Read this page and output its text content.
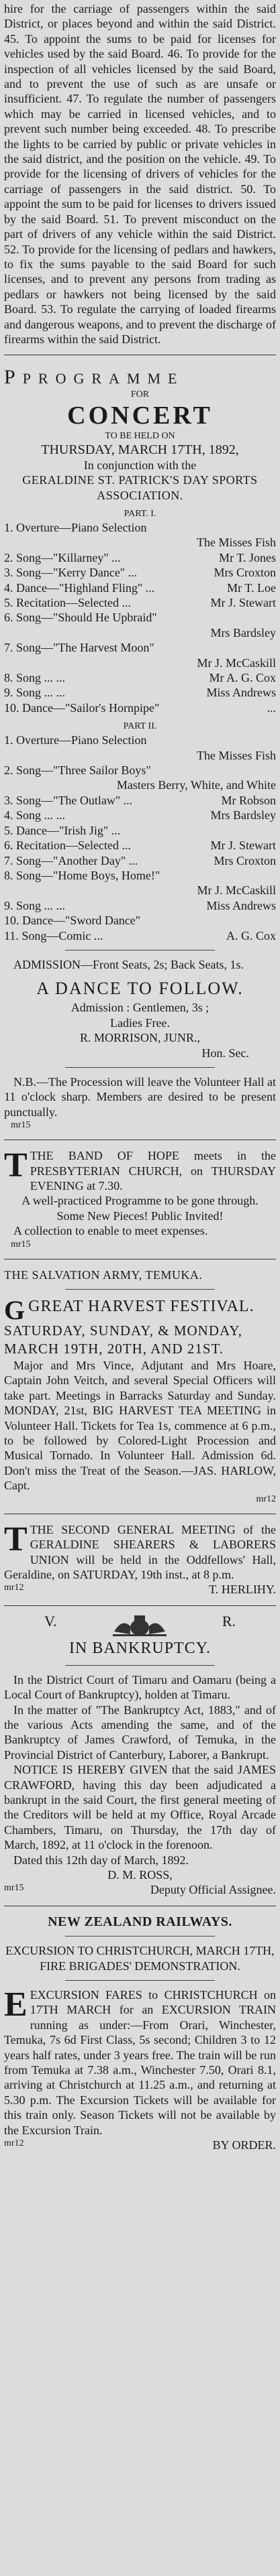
hire for the carriage of passengers within the said District, or places beyond and within the said District. 45. To appoint the sums to be paid for licenses for vehicles used by the said Board. 46. To provide for the inspection of all vehicles licensed by the said Board, and to prevent the use of such as are unsafe or insufficient. 47. To regulate the number of passengers which may be carried in licensed vehicles, and to prevent such number being exceeded. 48. To prescribe the lights to be carried by public or private vehicles in the said district, and the position on the vehicle. 49. To provide for the licensing of drivers of vehicles for the carriage of passengers in the said district. 50. To appoint the sum to be paid for licenses to drivers issued by the said Board. 51. To prevent misconduct on the part of drivers of any vehicle within the said District. 52. To provide for the licensing of pedlars and hawkers, to fix the sums payable to the said Board for such licenses, and to prevent any persons from trading as pedlars or hawkers not being licensed by the said Board. 53. To regulate the carrying of loaded firearms and dangerous weapons, and to prevent the discharge of firearms within the said District.

PPROGRAMME

FOR

CONCERT

TO BE HELD ON

THURSDAY, MARCH 17TH, 1892,

In conjunction with the

GERALDINE ST. PATRICK'S DAY SPORTS ASSOCIATION.

PART. I.

1. Overture—Piano Selection
The Misses Fish
2. Song—"Killarney" ...	Mr T. Jones
3. Song—"Kerry Dance" ...	Mrs Croxton
4. Dance—"Highland Fling" ...	Mr T. Loe
5. Recitation—Selected ...	Mr J. Stewart
6. Song—"Should He Upbraid"
Mrs Bardsley
7. Song—"The Harvest Moon"
Mr J. McCaskill
8. Song ... ...	Mr A. G. Cox
9. Song ... ...	Miss Andrews
10. Dance—"Sailor's Hornpipe"	...

PART II.

1. Overture—Piano Selection
The Misses Fish
2. Song—"Three Sailor Boys"
Masters Berry, White, and White
3. Song—"The Outlaw" ...	Mr Robson
4. Song ... ...	Mrs Bardsley
5. Dance—"Irish Jig" ...
6. Recitation—Selected ...	Mr J. Stewart
7. Song—"Another Day" ...	Mrs Croxton
8. Song—"Home Boys, Home!"
Mr J. McCaskill
9. Song ... ...	Miss Andrews
10. Dance—"Sword Dance"
11. Song—Comic ...	A. G. Cox

ADMISSION—Front Seats, 2s; Back Seats, 1s.

A DANCE TO FOLLOW.

Admission : Gentlemen, 3s ;

Ladies Free.

R. MORRISON, JUNR.,

Hon. Sec.

N.B.—The Procession will leave the Volunteer Hall at 11 o'clock sharp. Members are desired to be present punctually.

mr15

TTHE BAND OF HOPE meets in the PRESBYTERIAN CHURCH, on THURSDAY EVENING at 7.30.

A well-practiced Programme to be gone through.

Some New Pieces! Public Invited!

A collection to enable to meet expenses.

mr15

THE SALVATION ARMY, TEMUKA.

GGREAT HARVEST FESTIVAL.

SATURDAY, SUNDAY, & MONDAY, MARCH 19TH, 20TH, AND 21ST.

Major and Mrs Vince, Adjutant and Mrs Hoare, Captain John Veitch, and several Special Officers will take part. Meetings in Barracks Saturday and Sunday. MONDAY, 21st, BIG HARVEST TEA MEETING in Volunteer Hall. Tickets for Tea 1s, commence at 6 p.m., to be followed by Colored-Light Procession and Musical Tornado. In Volunteer Hall. Admission 6d. Don't miss the Treat of the Season.—JAS. HARLOW, Capt.

mr12

TTHE SECOND GENERAL MEETING of the GERALDINE SHEARERS & LABORERS UNION will be held in the Oddfellows' Hall, Geraldine, on SATURDAY, 19th inst., at 8 p.m.

mr12	T. HERLIHY.
V.	R.

IN BANKRUPTCY.

In the District Court of Timaru and Oamaru (being a Local Court of Bankruptcy), holden at Timaru.

In the matter of "The Bankruptcy Act, 1883," and of the various Acts amending the same, and of the Bankruptcy of James Crawford, of Temuka, in the Provincial District of Canterbury, Laborer, a Bankrupt.

NOTICE IS HEREBY GIVEN that the said JAMES CRAWFORD, having this day been adjudicated a bankrupt in the said Court, the first general meeting of the Creditors will be held at my Office, Royal Arcade Chambers, Timaru, on Thursday, the 17th day of March, 1892, at 11 o'clock in the forenoon.

Dated this 12th day of March, 1892.

D. M. ROSS,

mr15	Deputy Official Assignee.

NEW ZEALAND RAILWAYS.

EXCURSION TO CHRISTCHURCH, MARCH 17TH,

FIRE BRIGADES' DEMONSTRATION.

EEXCURSION FARES to CHRISTCHURCH on 17TH MARCH for an EXCURSION TRAIN running as under:—From Orari, Winchester, Temuka, 7s 6d First Class, 5s second; Children 3 to 12 years half rates, under 3 years free. The train will be run from Temuka at 7.38 a.m., Winchester 7.50, Orari 8.1, arriving at Christchurch at 11.25 a.m., and returning at 5.30 p.m. The Excursion Tickets will be available for this train only. Season Tickets will not be available by the Excursion Train.

mr12	BY ORDER.
